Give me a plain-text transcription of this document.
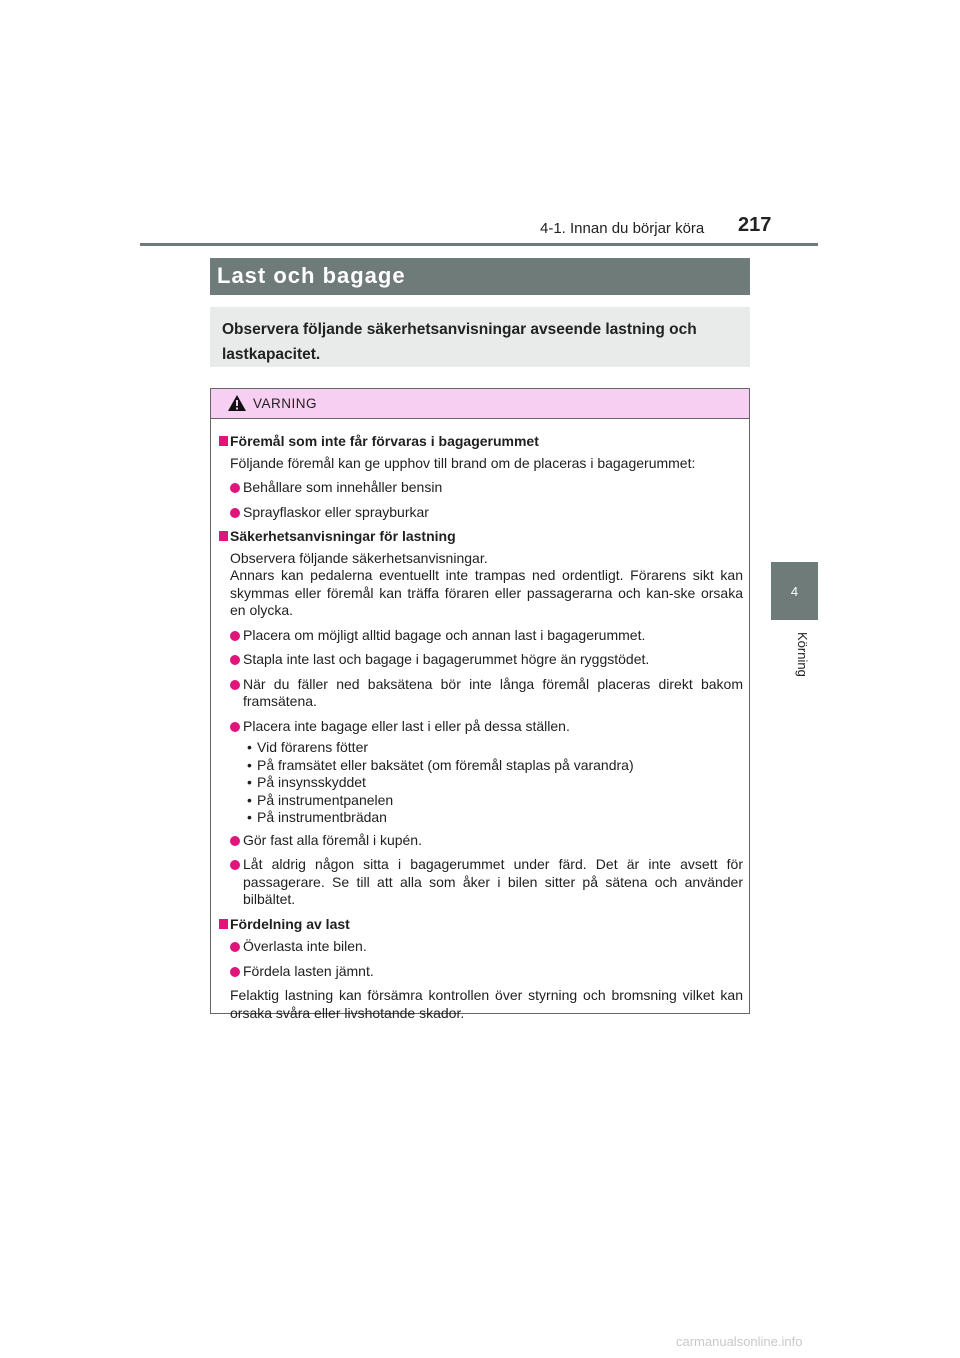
4-1. Innan du börjar köra 217
4
Körning
Last och bagage
Observera följande säkerhetsanvisningar avseende lastning och lastkapacitet.
VARNING
Föremål som inte får förvaras i bagagerummet
Följande föremål kan ge upphov till brand om de placeras i bagagerummet:
Behållare som innehåller bensin
Sprayflaskor eller sprayburkar
Säkerhetsanvisningar för lastning
Observera följande säkerhetsanvisningar.
Annars kan pedalerna eventuellt inte trampas ned ordentligt. Förarens sikt kan skymmas eller föremål kan träffa föraren eller passagerarna och kan-ske orsaka en olycka.
Placera om möjligt alltid bagage och annan last i bagagerummet.
Stapla inte last och bagage i bagagerummet högre än ryggstödet.
När du fäller ned baksätena bör inte långa föremål placeras direkt bakom framsätena.
Placera inte bagage eller last i eller på dessa ställen.
• Vid förarens fötter
• På framsätet eller baksätet (om föremål staplas på varandra)
• På insynsskyddet
• På instrumentpanelen
• På instrumentbrädan
Gör fast alla föremål i kupén.
Låt aldrig någon sitta i bagagerummet under färd. Det är inte avsett för passagerare. Se till att alla som åker i bilen sitter på sätena och använder bilbältet.
Fördelning av last
Överlasta inte bilen.
Fördela lasten jämnt.
Felaktig lastning kan försämra kontrollen över styrning och bromsning vilket kan orsaka svåra eller livshotande skador.
carmanualsonline.info
